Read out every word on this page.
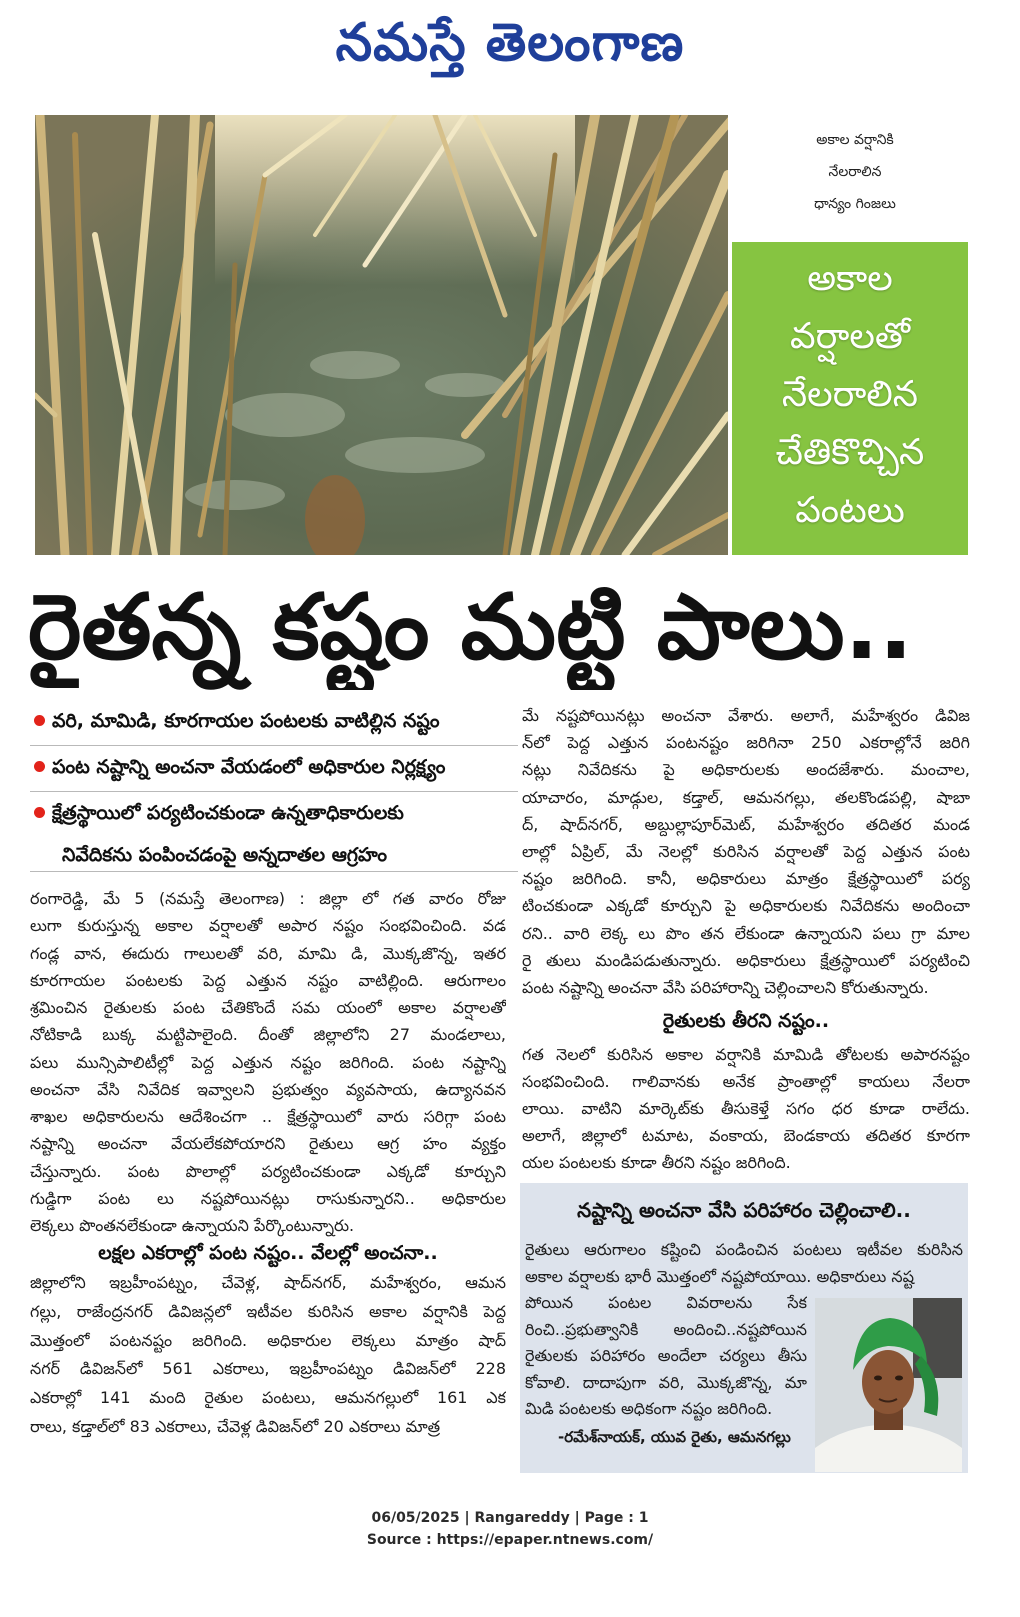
నమస్తే తెలంగాణ
అకాల వర్షానికి
నేలరాలిన
ధాన్యం గింజలు
అకాల
వర్షాలతో
నేలరాలిన
చేతికొచ్చిన
పంటలు
రైతన్న కష్టం మట్టి పాలు..
వరి, మామిడి, కూరగాయల పంటలకు వాటిల్లిన నష్టం
పంట నష్టాన్ని అంచనా వేయడంలో అధికారుల నిర్లక్ష్యం
క్షేత్రస్థాయిలో పర్యటించకుండా ఉన్నతాధికారులకు
నివేదికను పంపించడంపై అన్నదాతల ఆగ్రహం
రంగారెడ్డి, మే 5 (నమస్తే తెలంగాణ) : జిల్లా లో గత వారం రోజు
లుగా కురుస్తున్న అకాల వర్షాలతో అపార నష్టం సంభవించింది. వడ
గండ్ల వాన, ఈదురు గాలులతో వరి, మామి డి, మొక్కజొన్న, ఇతర
కూరగాయల పంటలకు పెద్ద ఎత్తున నష్టం వాటిల్లింది. ఆరుగాలం
శ్రమించిన రైతులకు పంట చేతికొందే సమ యంలో అకాల వర్షాలతో
నోటికాడి బుక్క మట్టిపాలైంది. దీంతో జిల్లాలోని 27 మండలాలు,
పలు మున్సిపాలిటీల్లో పెద్ద ఎత్తున నష్టం జరిగింది. పంట నష్టాన్ని
అంచనా వేసి నివేదిక ఇవ్వాలని ప్రభుత్వం వ్యవసాయ, ఉద్యానవన
శాఖల అధికారులను ఆదేశించగా .. క్షేత్రస్థాయిలో వారు సరిగ్గా పంట
నష్టాన్ని అంచనా వేయలేకపోయారని రైతులు ఆగ్ర హం వ్యక్తం
చేస్తున్నారు. పంట పొలాల్లో పర్యటించకుండా ఎక్కడో కూర్చుని
గుడ్డిగా పంట లు నష్టపోయినట్లు రాసుకున్నారని.. అధికారుల
లెక్కలు పొంతనలేకుండా ఉన్నాయని పేర్కొంటున్నారు.
లక్షల ఎకరాల్లో పంట నష్టం.. వేలల్లో అంచనా..
జిల్లాలోని ఇబ్రహీంపట్నం, చేవెళ్ల, షాద్‌నగర్, మహేశ్వరం, ఆమన
గల్లు, రాజేంద్రనగర్ డివిజన్లలో ఇటీవల కురిసిన అకాల వర్షానికి పెద్ద
మొత్తంలో పంటనష్టం జరిగింది. అధికారుల లెక్కలు మాత్రం షాద్
నగర్ డివిజన్‌లో 561 ఎకరాలు, ఇబ్రహీంపట్నం డివిజన్‌లో 228
ఎకరాల్లో 141 మంది రైతుల పంటలు, ఆమనగల్లులో 161 ఎక
రాలు, కడ్తాల్‌లో 83 ఎకరాలు, చేవెళ్ల డివిజన్‌లో 20 ఎకరాలు మాత్ర
మే నష్టపోయినట్లు అంచనా వేశారు. అలాగే, మహేశ్వరం డివిజ
న్‌లో పెద్ద ఎత్తున పంటనష్టం జరిగినా 250 ఎకరాల్లోనే జరిగి
నట్లు నివేదికను పై అధికారులకు అందజేశారు. మంచాల,
యాచారం, మాడ్గుల, కడ్తాల్, ఆమనగల్లు, తలకొండపల్లి, షాబా
ద్, షాద్‌నగర్, అబ్దుల్లాపూర్‌మెట్, మహేశ్వరం తదితర మండ
లాల్లో ఏప్రిల్, మే నెలల్లో కురిసిన వర్షాలతో పెద్ద ఎత్తున పంట
నష్టం జరిగింది. కానీ, అధికారులు మాత్రం క్షేత్రస్థాయిలో పర్య
టించకుండా ఎక్కడో కూర్చుని పై అధికారులకు నివేదికను అందించా
రని.. వారి లెక్క లు పొం తన లేకుండా ఉన్నాయని పలు గ్రా మాల
రై తులు మండిపడుతున్నారు. అధికారులు క్షేత్రస్థాయిలో పర్యటించి
పంట నష్టాన్ని అంచనా వేసి పరిహారాన్ని చెల్లించాలని కోరుతున్నారు.
రైతులకు తీరని నష్టం..
గత నెలలో కురిసిన అకాల వర్షానికి మామిడి తోటలకు అపారనష్టం
సంభవించింది. గాలివానకు అనేక ప్రాంతాల్లో కాయలు నేలరా
లాయి. వాటిని మార్కెట్‌కు తీసుకెళ్తే సగం ధర కూడా రాలేదు.
అలాగే, జిల్లాలో టమాట, వంకాయ, బెండకాయ తదితర కూరగా
యల పంటలకు కూడా తీరని నష్టం జరిగింది.
నష్టాన్ని అంచనా వేసి పరిహారం చెల్లించాలి..
రైతులు ఆరుగాలం కష్టించి పండించిన పంటలు ఇటీవల కురిసిన
అకాల వర్షాలకు భారీ మొత్తంలో నష్టపోయాయి. అధికారులు నష్ట
పోయిన పంటల వివరాలను సేక
రించి..ప్రభుత్వానికి అందించి..నష్టపోయిన
రైతులకు పరిహారం అందేలా చర్యలు తీసు
కోవాలి. దాదాపుగా వరి, మొక్కజొన్న, మా
మిడి పంటలకు అధికంగా నష్టం జరిగింది.
-రమేశ్‌నాయక్, యువ రైతు, ఆమనగల్లు
06/05/2025 | Rangareddy | Page : 1
Source : https://epaper.ntnews.com/
